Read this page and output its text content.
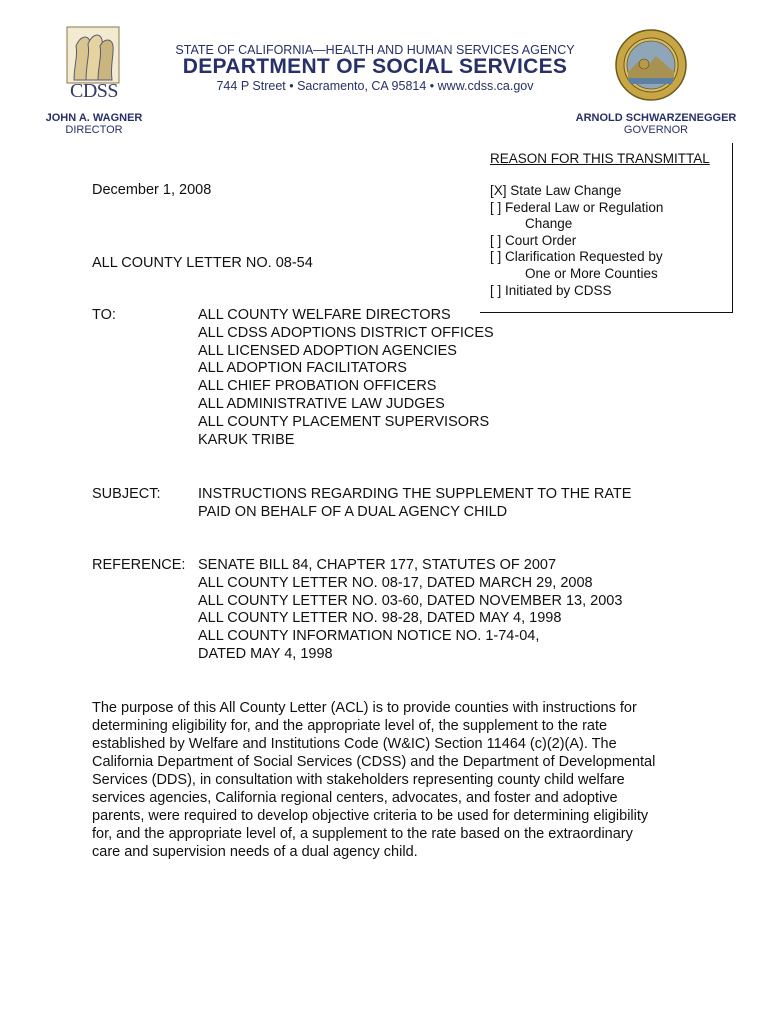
CDSS
STATE OF CALIFORNIA—HEALTH AND HUMAN SERVICES AGENCY
DEPARTMENT OF SOCIAL SERVICES
744 P Street • Sacramento, CA 95814 • www.cdss.ca.gov
JOHN A. WAGNER
DIRECTOR
ARNOLD SCHWARZENEGGER
GOVERNOR
REASON FOR THIS TRANSMITTAL
[X] State Law Change
[ ] Federal Law or Regulation
Change
[ ] Court Order
[ ] Clarification Requested by
One or More Counties
[ ] Initiated by CDSS
December 1, 2008
ALL COUNTY LETTER NO. 08-54
TO:	ALL COUNTY WELFARE DIRECTORS
ALL CDSS ADOPTIONS DISTRICT OFFICES
ALL LICENSED ADOPTION AGENCIES
ALL ADOPTION FACILITATORS
ALL CHIEF PROBATION OFFICERS
ALL ADMINISTRATIVE LAW JUDGES
ALL COUNTY PLACEMENT SUPERVISORS
KARUK TRIBE
SUBJECT:	INSTRUCTIONS REGARDING THE SUPPLEMENT TO THE RATE
PAID ON BEHALF OF A DUAL AGENCY CHILD
REFERENCE: SENATE BILL 84, CHAPTER 177, STATUTES OF 2007
ALL COUNTY LETTER NO. 08-17, DATED MARCH 29, 2008
ALL COUNTY LETTER NO. 03-60, DATED NOVEMBER 13, 2003
ALL COUNTY LETTER NO. 98-28, DATED MAY 4, 1998
ALL COUNTY INFORMATION NOTICE NO. 1-74-04,
DATED MAY 4, 1998
The purpose of this All County Letter (ACL) is to provide counties with instructions for
determining eligibility for, and the appropriate level of, the supplement to the rate
established by Welfare and Institutions Code (W&IC) Section 11464 (c)(2)(A). The
California Department of Social Services (CDSS) and the Department of Developmental
Services (DDS), in consultation with stakeholders representing county child welfare
services agencies, California regional centers, advocates, and foster and adoptive
parents, were required to develop objective criteria to be used for determining eligibility
for, and the appropriate level of, a supplement to the rate based on the extraordinary
care and supervision needs of a dual agency child.
